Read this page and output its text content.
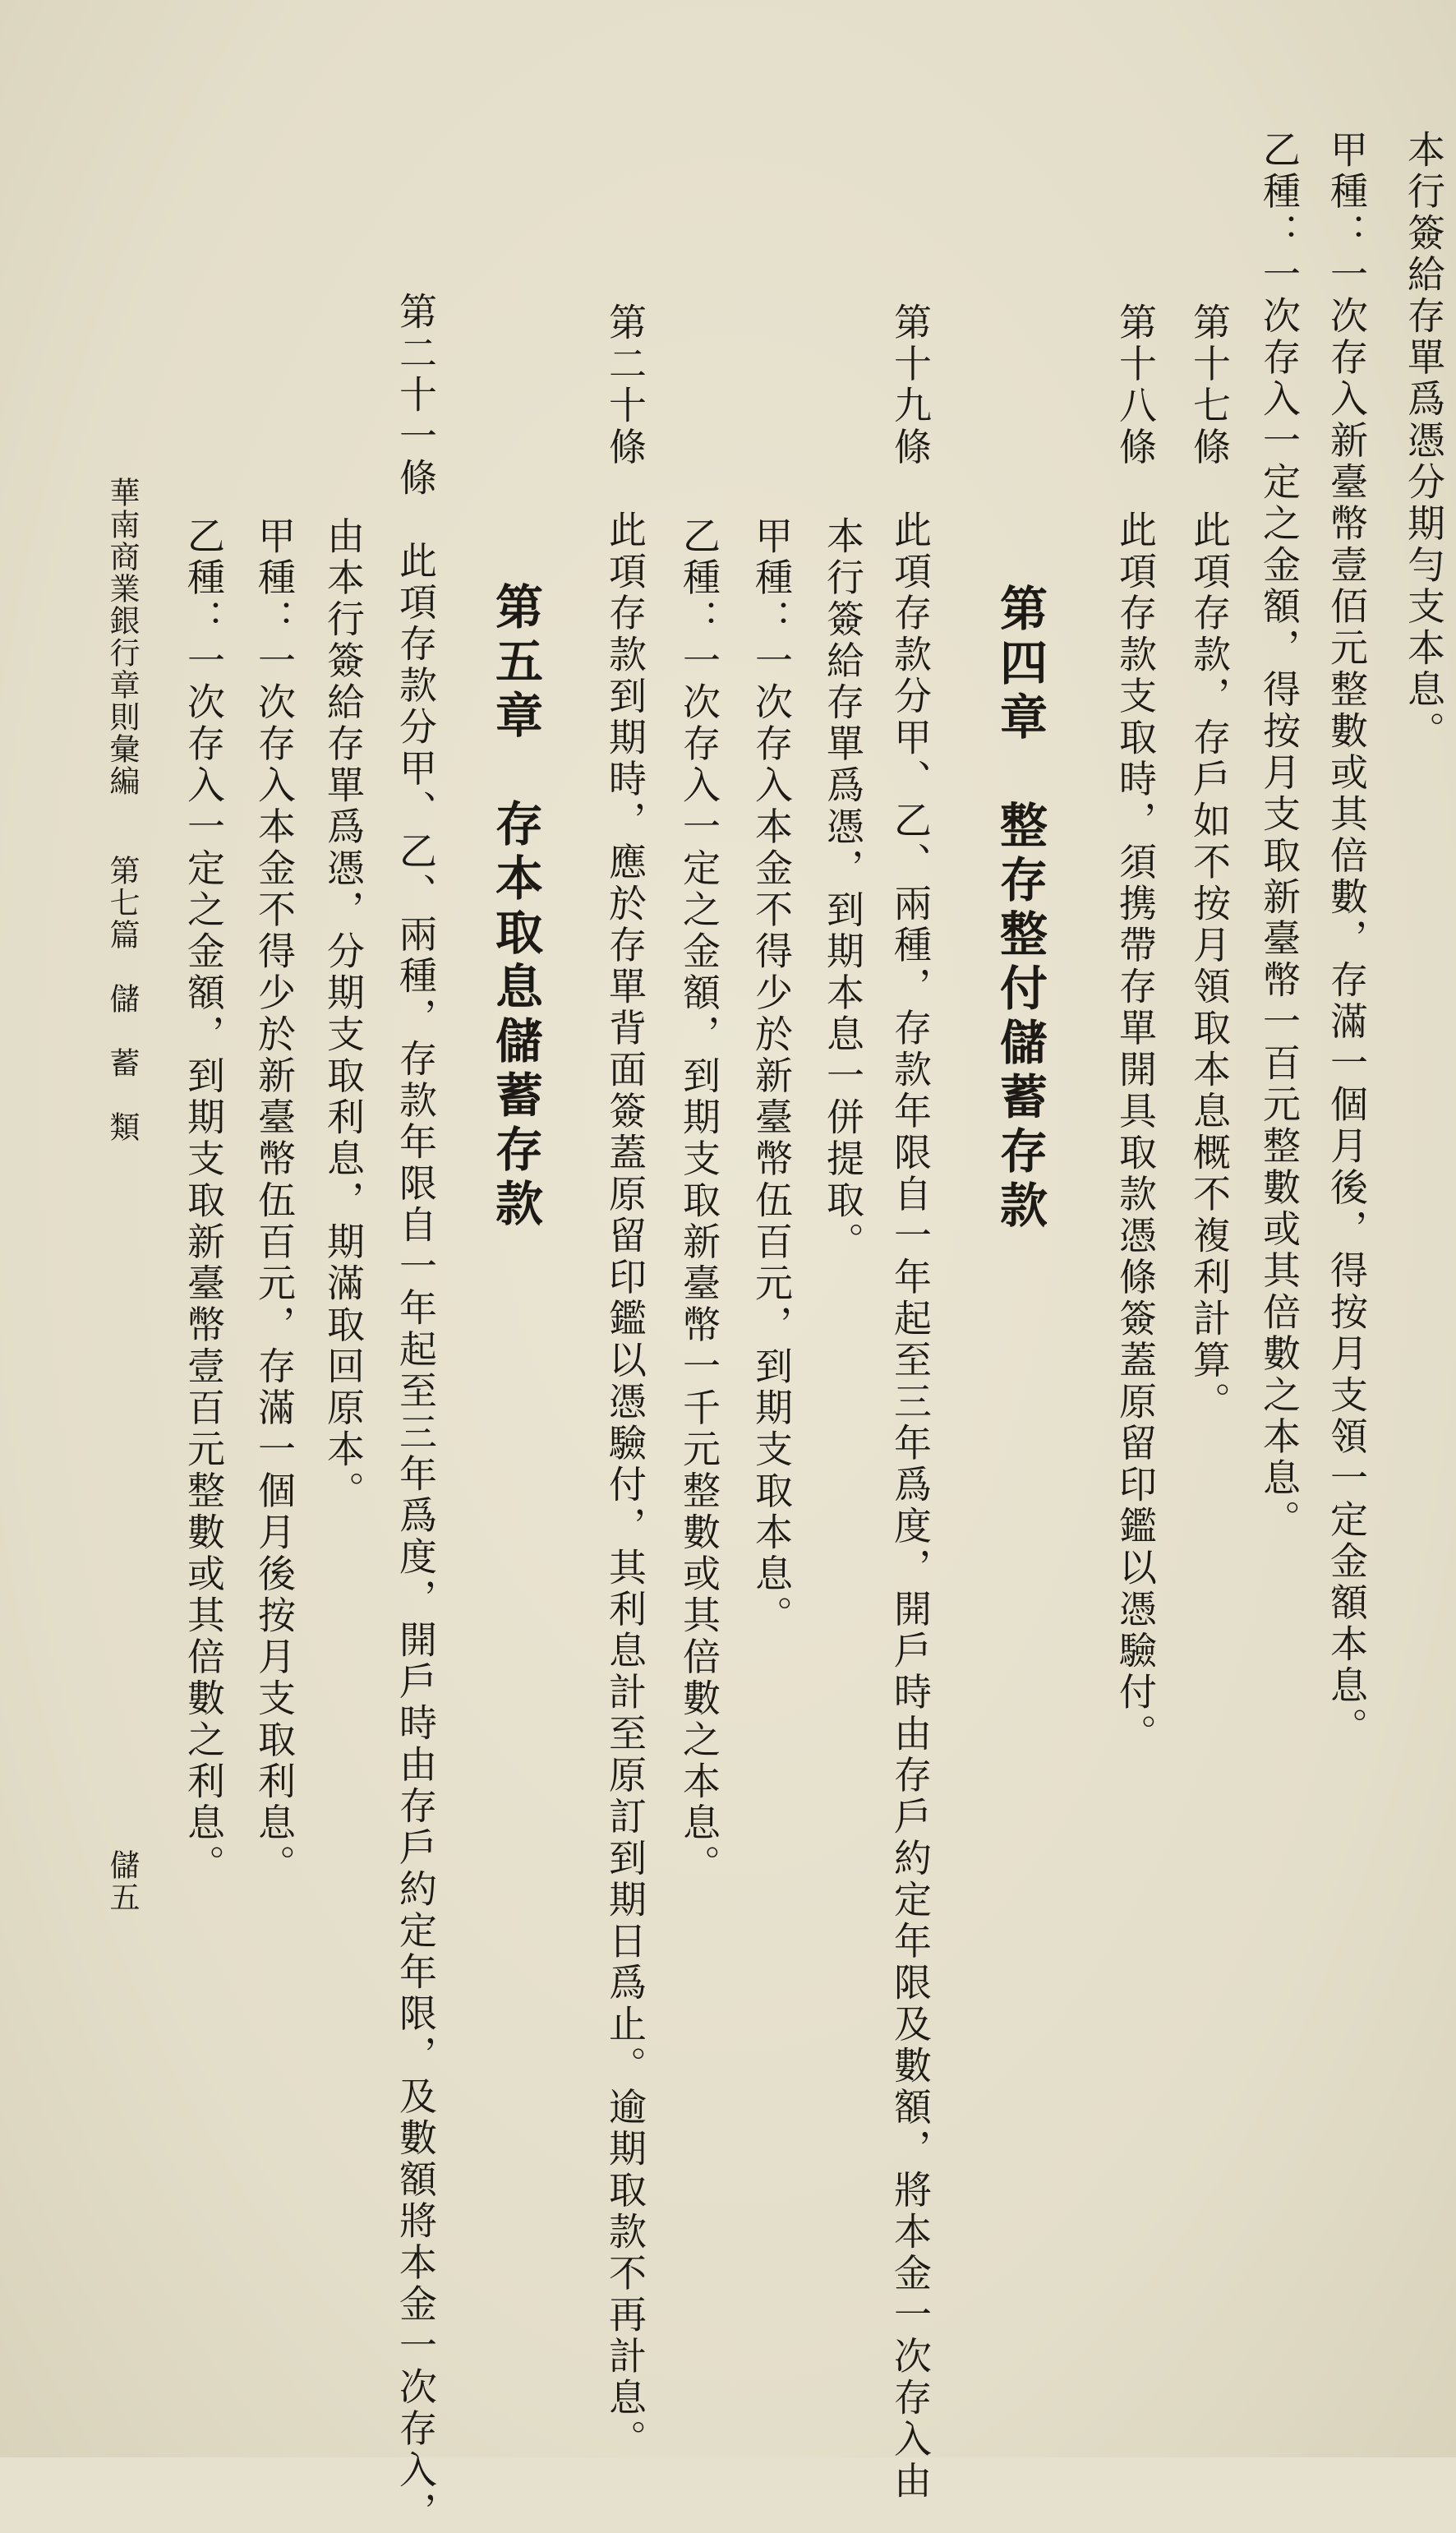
本行簽給存單爲憑分期勻支本息。
甲種：一次存入新臺幣壹佰元整數或其倍數，存滿一個月後，得按月支領一定金額本息。
乙種：一次存入一定之金額，得按月支取新臺幣一百元整數或其倍數之本息。
第十七條　此項存款，存戶如不按月領取本息概不複利計算。
第十八條　此項存款支取時，須携帶存單開具取款憑條簽蓋原留印鑑以憑驗付。
第四章　整存整付儲蓄存款
第十九條　此項存款分甲、乙、兩種，存款年限自一年起至三年爲度，開戶時由存戶約定年限及數額，將本金一次存入由
本行簽給存單爲憑，到期本息一併提取。
甲種：一次存入本金不得少於新臺幣伍百元，到期支取本息。
乙種：一次存入一定之金額，到期支取新臺幣一千元整數或其倍數之本息。
第二十條　此項存款到期時，應於存單背面簽蓋原留印鑑以憑驗付，其利息計至原訂到期日爲止。逾期取款不再計息。
第五章　存本取息儲蓄存款
第二十一條　此項存款分甲、乙、兩種，存款年限自一年起至三年爲度，開戶時由存戶約定年限，及數額將本金一次存入，
由本行簽給存單爲憑，分期支取利息，期滿取回原本。
甲種：一次存入本金不得少於新臺幣伍百元，存滿一個月後按月支取利息。
乙種：一次存入一定之金額，到期支取新臺幣壹百元整數或其倍數之利息。
華南商業銀行章則彙編
第七篇　儲　蓄　類
儲五
